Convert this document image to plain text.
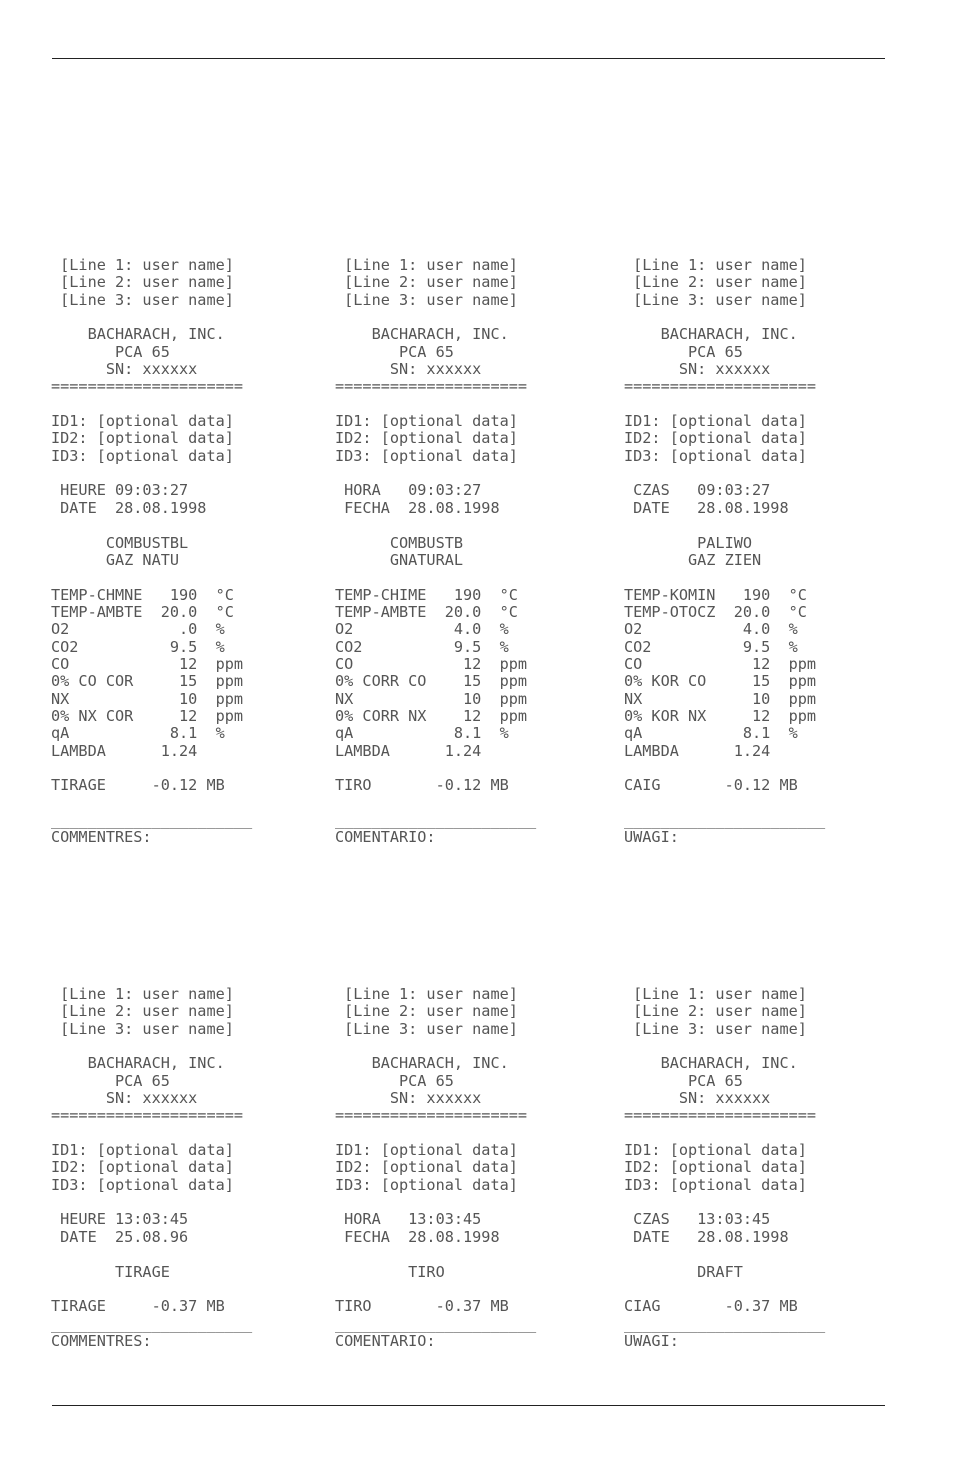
[Line 1: user name]
[Line 2: user name]
[Line 3: user name]

BACHARACH, INC.
PCA 65
SN: xxxxxx
=====================

ID1: [optional data]
ID2: [optional data]
ID3: [optional data]

HEURE 09:03:27
DATE  28.08.1998

COMBUSTBL
GAZ NATU

TEMP-CHMNE   190  °C
TEMP-AMBTE  20.0  °C
O2            .0  %
CO2          9.5  %
CO            12  ppm
0% CO COR     15  ppm
NX            10  ppm
0% NX COR     12  ppm
qA           8.1  %
LAMBDA      1.24

TIRAGE     -0.12 MB

______________________
COMMENTRES:

[Line 1: user name]
[Line 2: user name]
[Line 3: user name]

BACHARACH, INC.
PCA 65
SN: xxxxxx
=====================

ID1: [optional data]
ID2: [optional data]
ID3: [optional data]

HORA   09:03:27
FECHA  28.08.1998

COMBUSTB
GNATURAL

TEMP-CHIME   190  °C
TEMP-AMBTE  20.0  °C
O2           4.0  %
CO2          9.5  %
CO            12  ppm
0% CORR CO    15  ppm
NX            10  ppm
0% CORR NX    12  ppm
qA           8.1  %
LAMBDA      1.24

TIRO       -0.12 MB

______________________
COMENTARIO:

[Line 1: user name]
[Line 2: user name]
[Line 3: user name]

BACHARACH, INC.
PCA 65
SN: xxxxxx
=====================

ID1: [optional data]
ID2: [optional data]
ID3: [optional data]

CZAS   09:03:27
DATE   28.08.1998

PALIWO
GAZ ZIEN

TEMP-KOMIN   190  °C
TEMP-OTOCZ  20.0  °C
O2           4.0  %
CO2          9.5  %
CO            12  ppm
0% KOR CO     15  ppm
NX            10  ppm
0% KOR NX     12  ppm
qA           8.1  %
LAMBDA      1.24

CAIG       -0.12 MB

______________________
UWAGI:

[Line 1: user name]
[Line 2: user name]
[Line 3: user name]

BACHARACH, INC.
PCA 65
SN: xxxxxx
=====================

ID1: [optional data]
ID2: [optional data]
ID3: [optional data]

HEURE 13:03:45
DATE  25.08.96

TIRAGE

TIRAGE     -0.37 MB
______________________
COMMENTRES:

[Line 1: user name]
[Line 2: user name]
[Line 3: user name]

BACHARACH, INC.
PCA 65
SN: xxxxxx
=====================

ID1: [optional data]
ID2: [optional data]
ID3: [optional data]

HORA   13:03:45
FECHA  28.08.1998

TIRO

TIRO       -0.37 MB
______________________
COMENTARIO:

[Line 1: user name]
[Line 2: user name]
[Line 3: user name]

BACHARACH, INC.
PCA 65
SN: xxxxxx
=====================

ID1: [optional data]
ID2: [optional data]
ID3: [optional data]

CZAS   13:03:45
DATE   28.08.1998

DRAFT

CIAG       -0.37 MB
______________________
UWAGI:
